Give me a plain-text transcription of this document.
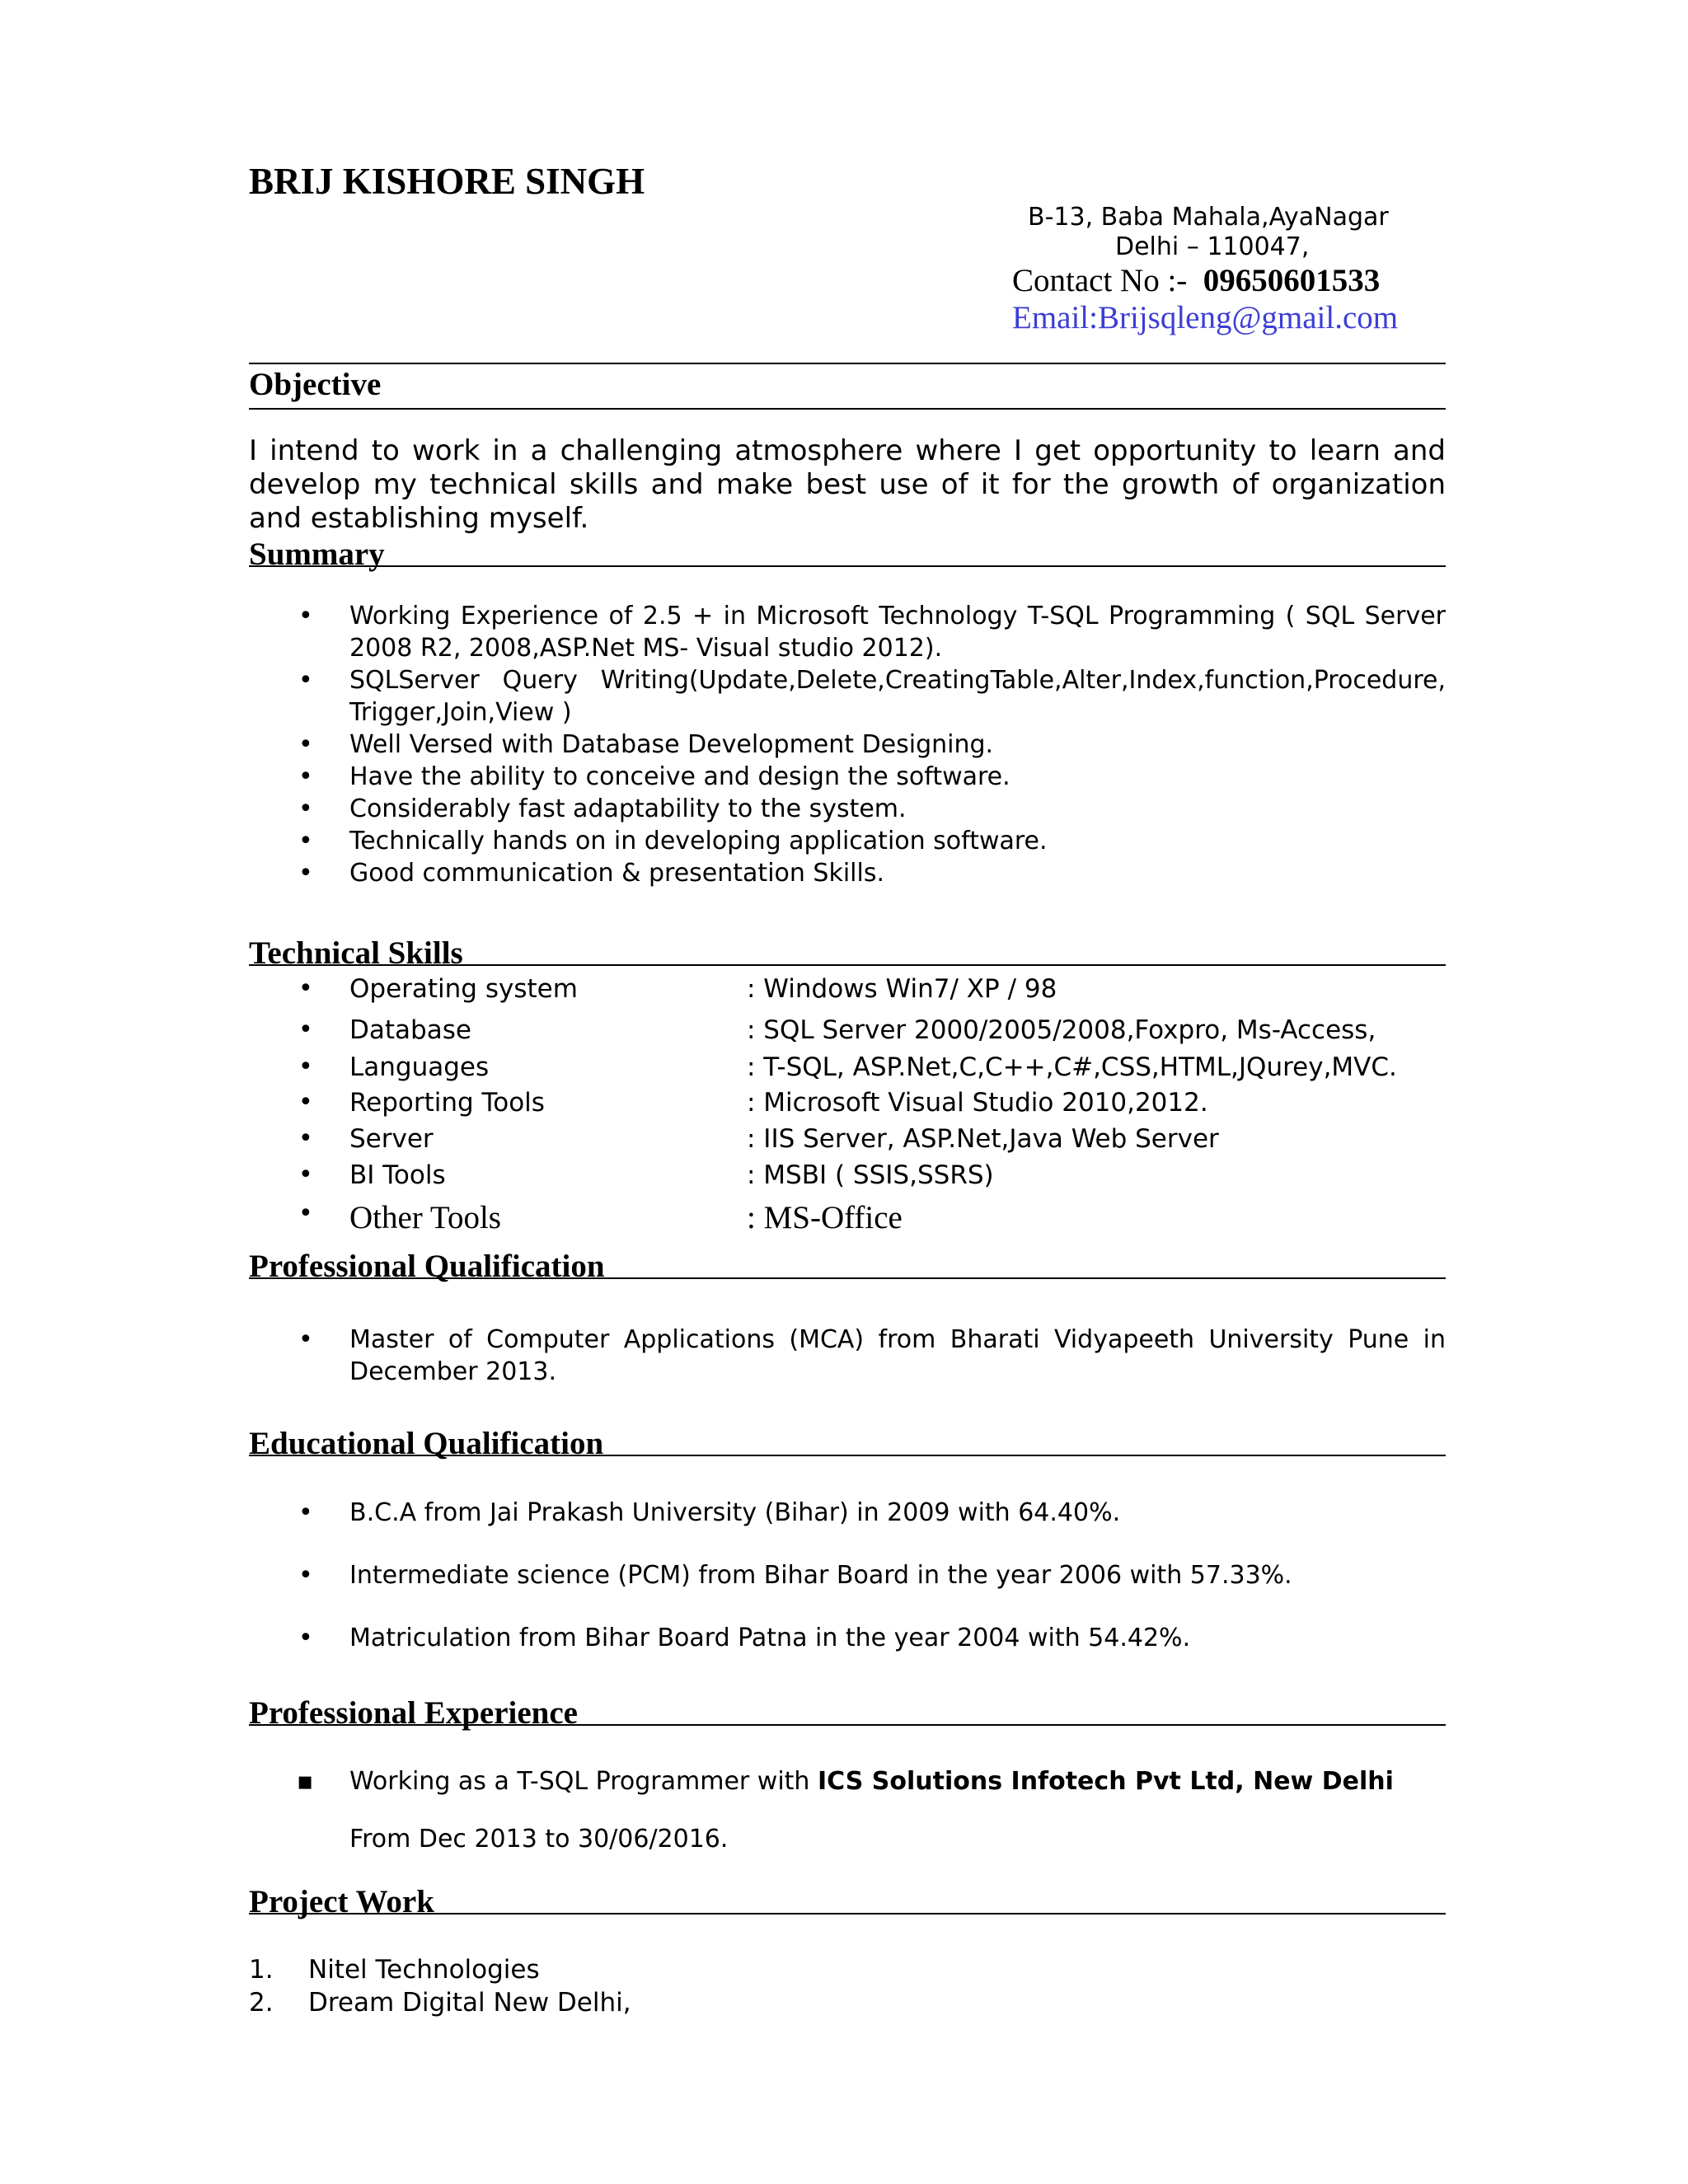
BRIJ KISHORE SINGH
B-13, Baba Mahala,AyaNagar
Delhi – 110047,
Contact No :- 09650601533
Email:Brijsqleng@gmail.com
Objective
I intend to work in a challenging atmosphere where I get opportunity to learn and develop my technical skills and make best use of it for the growth of organization and establishing myself.
Summary
• Working Experience of 2.5 + in Microsoft Technology T-SQL Programming ( SQL Server 2008 R2, 2008,ASP.Net MS- Visual studio 2012).
• SQLServer Query Writing(Update,Delete,CreatingTable,Alter,Index,function,Procedure, Trigger,Join,View )
• Well Versed with Database Development Designing.
• Have the ability to conceive and design the software.
• Considerably fast adaptability to the system.
• Technically hands on in developing application software.
• Good communication & presentation Skills.
Technical Skills
• Operating system	: Windows Win7/ XP / 98
• Database	: SQL Server 2000/2005/2008,Foxpro, Ms-Access,
• Languages	: T-SQL, ASP.Net,C,C++,C#,CSS,HTML,JQurey,MVC.
• Reporting Tools	: Microsoft Visual Studio 2010,2012.
• Server	: IIS Server, ASP.Net,Java Web Server
• BI Tools	: MSBI ( SSIS,SSRS)
• Other Tools	: MS-Office
Professional Qualification
• Master of Computer Applications (MCA) from Bharati Vidyapeeth University Pune in December 2013.
Educational Qualification
• B.C.A from Jai Prakash University (Bihar) in 2009 with 64.40%.
• Intermediate science (PCM) from Bihar Board in the year 2006 with 57.33%.
• Matriculation from Bihar Board Patna in the year 2004 with 54.42%.
Professional Experience
▪ Working as a T-SQL Programmer with ICS Solutions Infotech Pvt Ltd, New Delhi
From Dec 2013 to 30/06/2016.
Project Work
1. Nitel Technologies
2. Dream Digital New Delhi,
